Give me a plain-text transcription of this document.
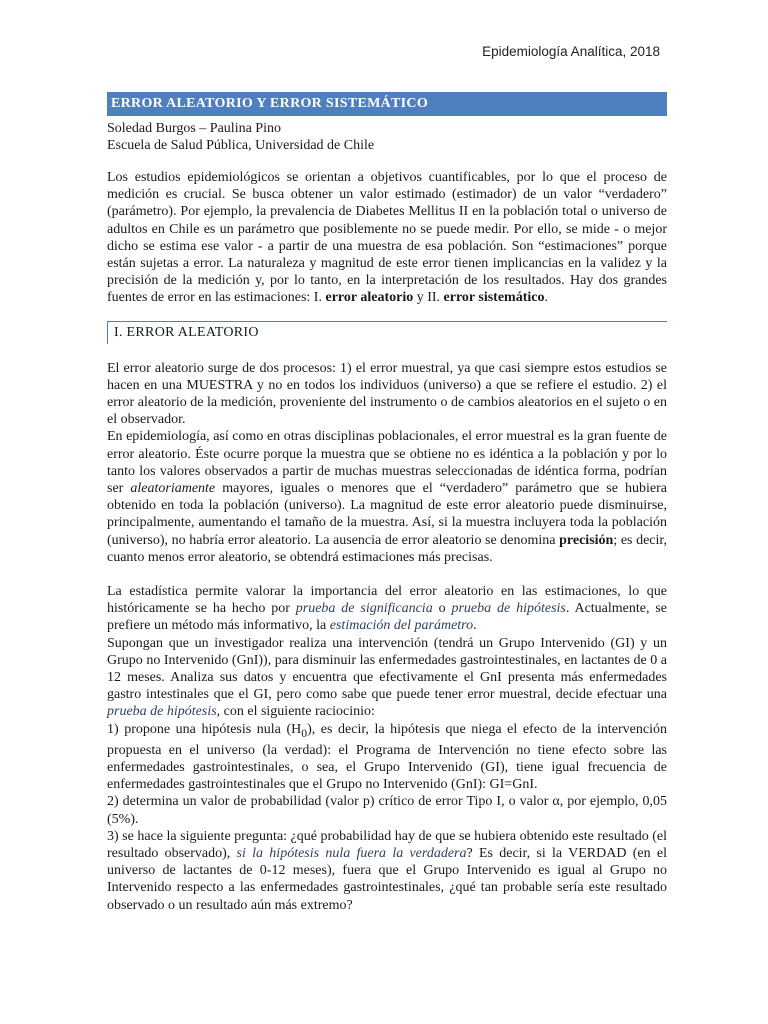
Epidemiología Analítica, 2018
ERROR ALEATORIO Y ERROR SISTEMÁTICO
Soledad Burgos – Paulina Pino
Escuela de Salud Pública, Universidad de Chile

Los estudios epidemiológicos se orientan a objetivos cuantificables, por lo que el proceso de medición es crucial. Se busca obtener un valor estimado (estimador) de un valor “verdadero” (parámetro). Por ejemplo, la prevalencia de Diabetes Mellitus II en la población total o universo de adultos en Chile es un parámetro que posiblemente no se puede medir. Por ello, se mide - o mejor dicho se estima ese valor - a partir de una muestra de esa población. Son “estimaciones” porque están sujetas a error. La naturaleza y magnitud de este error tienen implicancias en la validez y la precisión de la medición y, por lo tanto, en la interpretación de los resultados. Hay dos grandes fuentes de error en las estimaciones: I. error aleatorio y II. error sistemático.

I. ERROR ALEATORIO

El error aleatorio surge de dos procesos: 1) el error muestral, ya que casi siempre estos estudios se hacen en una MUESTRA y no en todos los individuos (universo) a que se refiere el estudio. 2) el error aleatorio de la medición, proveniente del instrumento o de cambios aleatorios en el sujeto o en el observador.

En epidemiología, así como en otras disciplinas poblacionales, el error muestral es la gran fuente de error aleatorio. Éste ocurre porque la muestra que se obtiene no es idéntica a la población y por lo tanto los valores observados a partir de muchas muestras seleccionadas de idéntica forma, podrían ser aleatoriamente mayores, iguales o menores que el “verdadero” parámetro que se hubiera obtenido en toda la población (universo). La magnitud de este error aleatorio puede disminuirse, principalmente, aumentando el tamaño de la muestra. Así, si la muestra incluyera toda la población (universo), no habría error aleatorio. La ausencia de error aleatorio se denomina precisión; es decir, cuanto menos error aleatorio, se obtendrá estimaciones más precisas.

La estadística permite valorar la importancia del error aleatorio en las estimaciones, lo que históricamente se ha hecho por prueba de significancia o prueba de hipótesis. Actualmente, se prefiere un método más informativo, la estimación del parámetro.

Supongan que un investigador realiza una intervención (tendrá un Grupo Intervenido (GI) y un Grupo no Intervenido (GnI)), para disminuir las enfermedades gastrointestinales, en lactantes de 0 a 12 meses. Analiza sus datos y encuentra que efectivamente el GnI presenta más enfermedades gastro intestinales que el GI, pero como sabe que puede tener error muestral, decide efectuar una prueba de hipótesis, con el siguiente raciocinio:

1) propone una hipótesis nula $(H_0)$, es decir, la hipótesis que niega el efecto de la intervención propuesta en el universo (la verdad): el Programa de Intervención no tiene efecto sobre las enfermedades gastrointestinales, o sea, el Grupo Intervenido (GI), tiene igual frecuencia de enfermedades gastrointestinales que el Grupo no Intervenido (GnI): GI=GnI.

2) determina un valor de probabilidad (valor p) crítico de error Tipo I, o valor α, por ejemplo, 0,05 (5%).

3) se hace la siguiente pregunta: ¿qué probabilidad hay de que se hubiera obtenido este resultado (el resultado observado), si la hipótesis nula fuera la verdadera? Es decir, si la VERDAD (en el universo de lactantes de 0-12 meses), fuera que el Grupo Intervenido es igual al Grupo no Intervenido respecto a las enfermedades gastrointestinales, ¿qué tan probable sería este resultado observado o un resultado aún más extremo?
